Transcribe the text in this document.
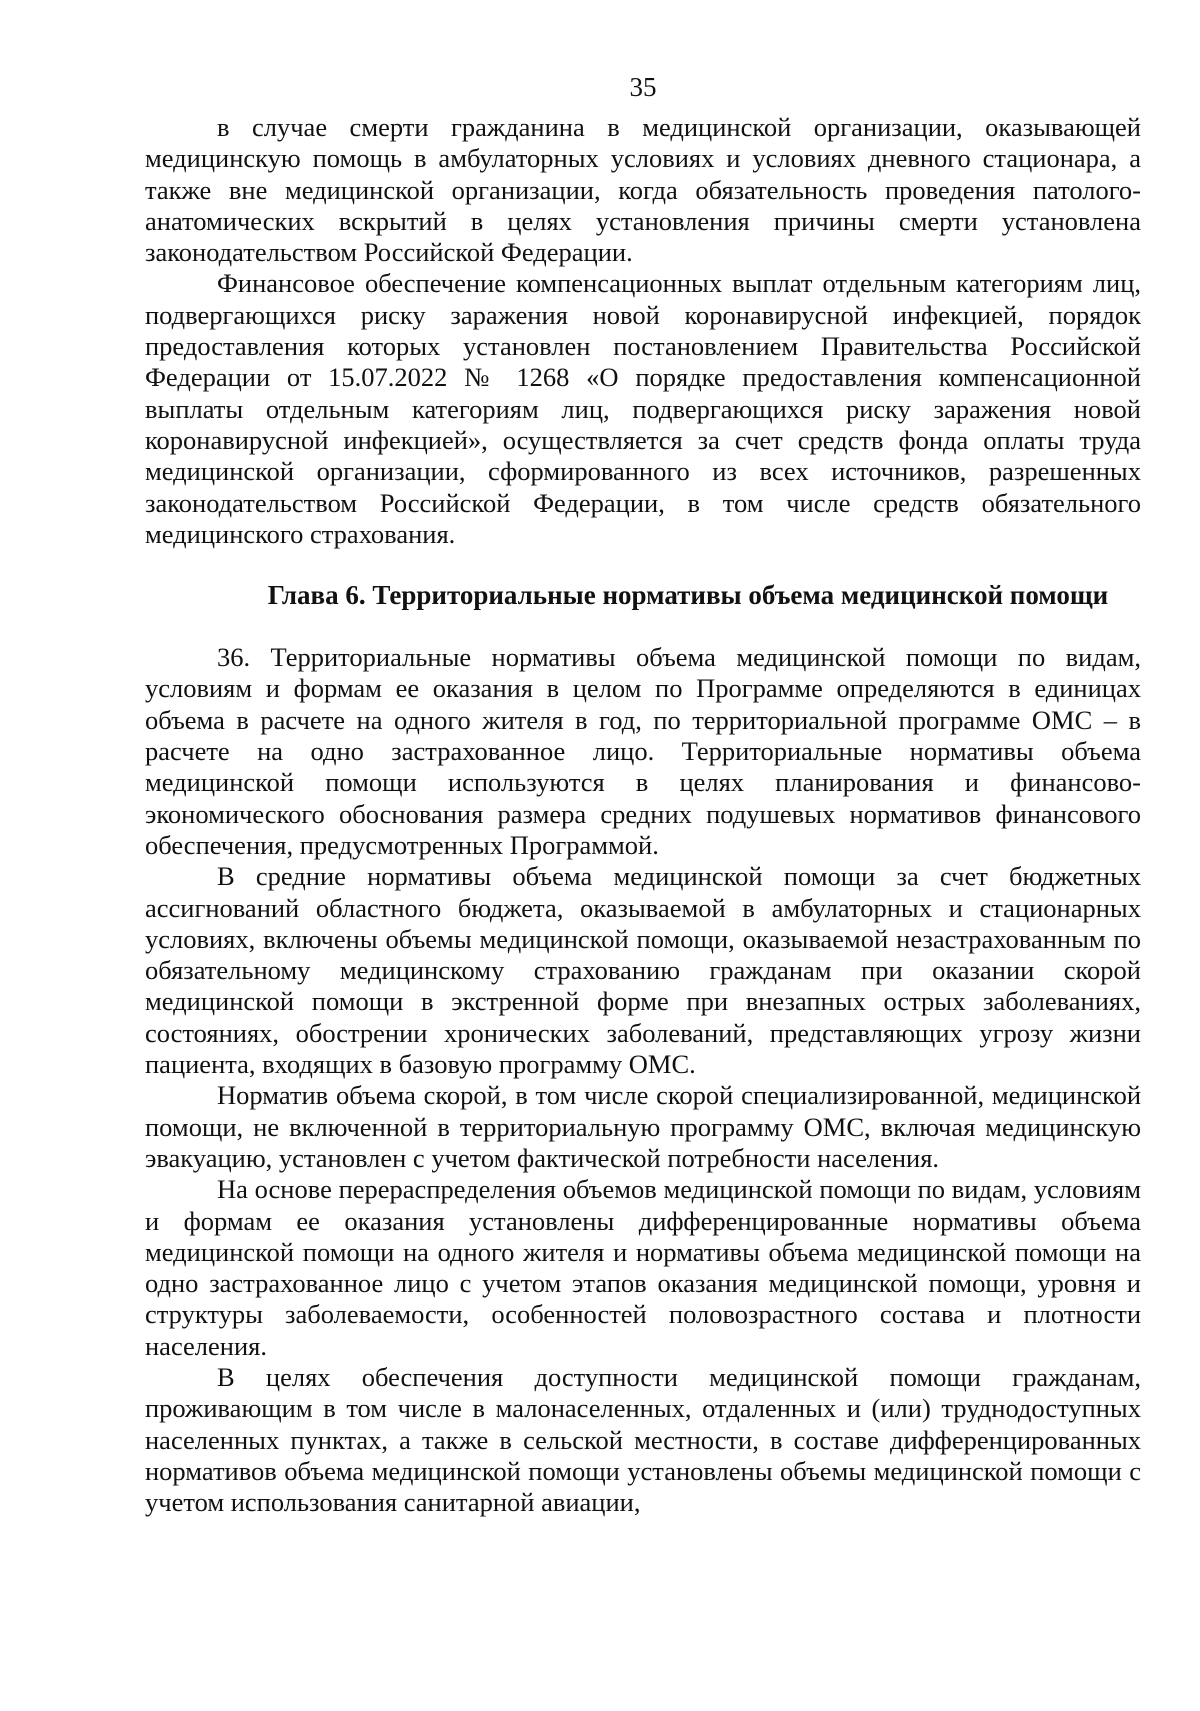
35

в случае смерти гражданина в медицинской организации, оказывающей медицинскую помощь в амбулаторных условиях и условиях дневного стационара, а также вне медицинской организации, когда обязательность проведения патолого-анатомических вскрытий в целях установления причины смерти установлена законодательством Российской Федерации.

Финансовое обеспечение компенсационных выплат отдельным категориям лиц, подвергающихся риску заражения новой коронавирусной инфекцией, порядок предоставления которых установлен постановлением Правительства Российской Федерации от 15.07.2022 № 1268 «О порядке предоставления компенсационной выплаты отдельным категориям лиц, подвергающихся риску заражения новой коронавирусной инфекцией», осуществляется за счет средств фонда оплаты труда медицинской организации, сформированного из всех источников, разрешенных законодательством Российской Федерации, в том числе средств обязательного медицинского страхования.

Глава 6. Территориальные нормативы объема медицинской помощи

36. Территориальные нормативы объема медицинской помощи по видам, условиям и формам ее оказания в целом по Программе определяются в единицах объема в расчете на одного жителя в год, по территориальной программе ОМС – в расчете на одно застрахованное лицо. Территориальные нормативы объема медицинской помощи используются в целях планирования и финансово-экономического обоснования размера средних подушевых нормативов финансового обеспечения, предусмотренных Программой.

В средние нормативы объема медицинской помощи за счет бюджетных ассигнований областного бюджета, оказываемой в амбулаторных и стационарных условиях, включены объемы медицинской помощи, оказываемой незастрахованным по обязательному медицинскому страхованию гражданам при оказании скорой медицинской помощи в экстренной форме при внезапных острых заболеваниях, состояниях, обострении хронических заболеваний, представляющих угрозу жизни пациента, входящих в базовую программу ОМС.

Норматив объема скорой, в том числе скорой специализированной, медицинской помощи, не включенной в территориальную программу ОМС, включая медицинскую эвакуацию, установлен с учетом фактической потребности населения.

На основе перераспределения объемов медицинской помощи по видам, условиям и формам ее оказания установлены дифференцированные нормативы объема медицинской помощи на одного жителя и нормативы объема медицинской помощи на одно застрахованное лицо с учетом этапов оказания медицинской помощи, уровня и структуры заболеваемости, особенностей половозрастного состава и плотности населения.

В целях обеспечения доступности медицинской помощи гражданам, проживающим в том числе в малонаселенных, отдаленных и (или) труднодоступных населенных пунктах, а также в сельской местности, в составе дифференцированных нормативов объема медицинской помощи установлены объемы медицинской помощи с учетом использования санитарной авиации,
